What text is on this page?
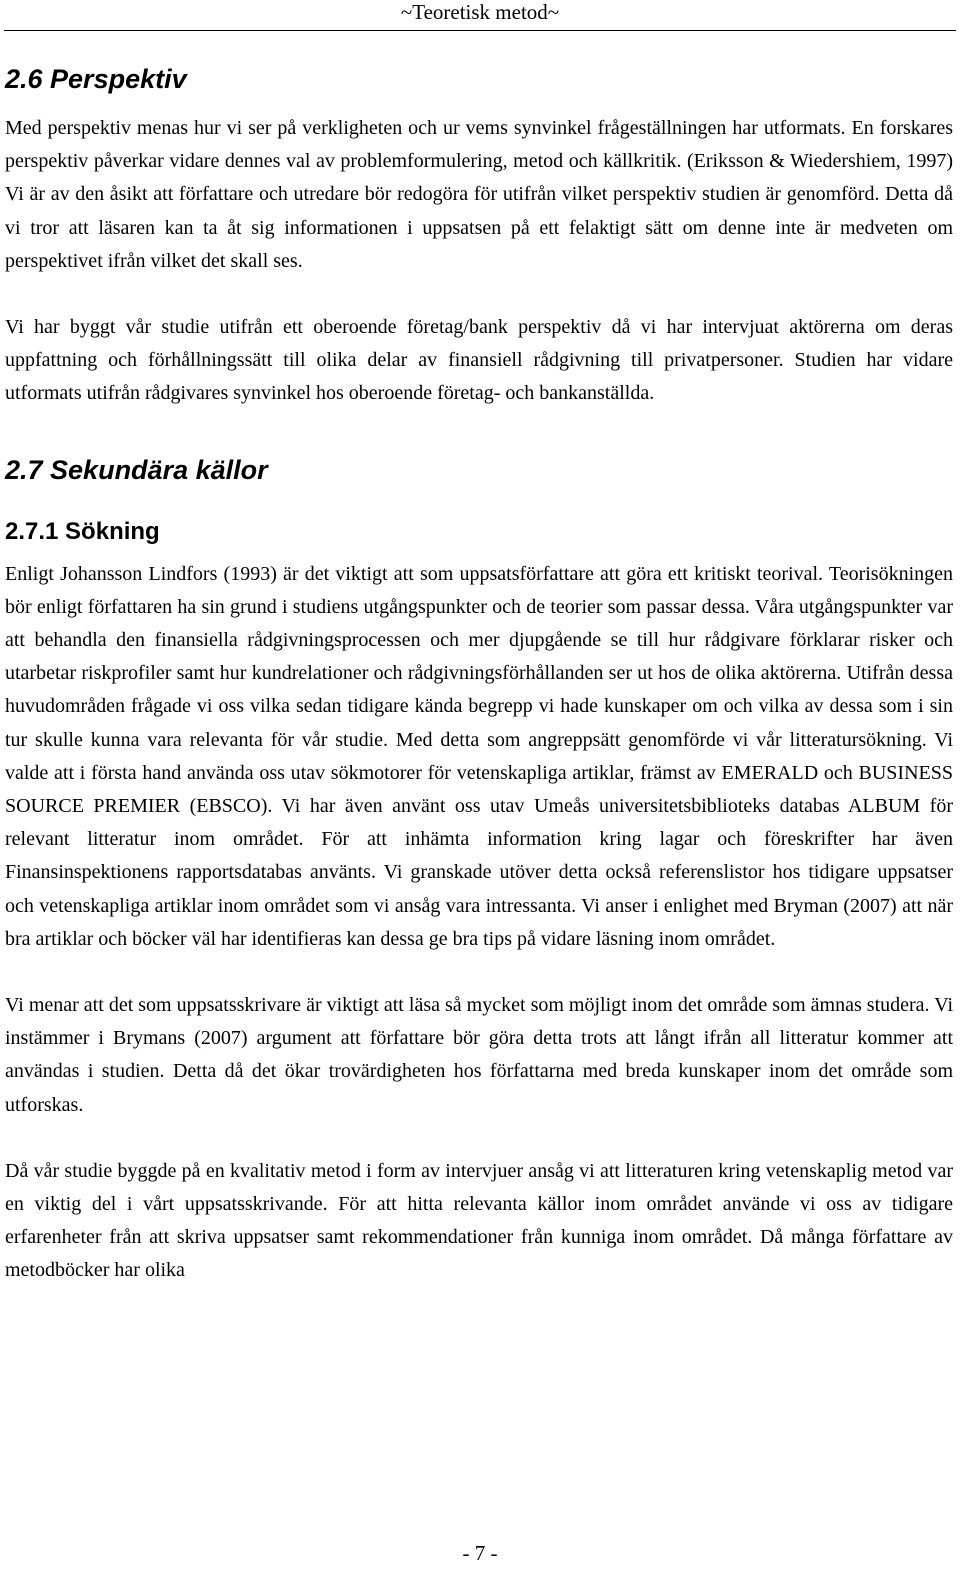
~Teoretisk metod~
2.6 Perspektiv

Med perspektiv menas hur vi ser på verkligheten och ur vems synvinkel frågeställningen har utformats. En forskares perspektiv påverkar vidare dennes val av problemformulering, metod och källkritik. (Eriksson & Wiedershiem, 1997) Vi är av den åsikt att författare och utredare bör redogöra för utifrån vilket perspektiv studien är genomförd. Detta då vi tror att läsaren kan ta åt sig informationen i uppsatsen på ett felaktigt sätt om denne inte är medveten om perspektivet ifrån vilket det skall ses.

Vi har byggt vår studie utifrån ett oberoende företag/bank perspektiv då vi har intervjuat aktörerna om deras uppfattning och förhållningssätt till olika delar av finansiell rådgivning till privatpersoner. Studien har vidare utformats utifrån rådgivares synvinkel hos oberoende företag- och bankanställda.

2.7 Sekundära källor
2.7.1 Sökning

Enligt Johansson Lindfors (1993) är det viktigt att som uppsatsförfattare att göra ett kritiskt teorival. Teorisökningen bör enligt författaren ha sin grund i studiens utgångspunkter och de teorier som passar dessa. Våra utgångspunkter var att behandla den finansiella rådgivningsprocessen och mer djupgående se till hur rådgivare förklarar risker och utarbetar riskprofiler samt hur kundrelationer och rådgivningsförhållanden ser ut hos de olika aktörerna. Utifrån dessa huvudområden frågade vi oss vilka sedan tidigare kända begrepp vi hade kunskaper om och vilka av dessa som i sin tur skulle kunna vara relevanta för vår studie. Med detta som angreppsätt genomförde vi vår litteratursökning. Vi valde att i första hand använda oss utav sökmotorer för vetenskapliga artiklar, främst av EMERALD och BUSINESS SOURCE PREMIER (EBSCO). Vi har även använt oss utav Umeås universitetsbiblioteks databas ALBUM för relevant litteratur inom området. För att inhämta information kring lagar och föreskrifter har även Finansinspektionens rapportsdatabas använts. Vi granskade utöver detta också referenslistor hos tidigare uppsatser och vetenskapliga artiklar inom området som vi ansåg vara intressanta. Vi anser i enlighet med Bryman (2007) att när bra artiklar och böcker väl har identifieras kan dessa ge bra tips på vidare läsning inom området.

Vi menar att det som uppsatsskrivare är viktigt att läsa så mycket som möjligt inom det område som ämnas studera. Vi instämmer i Brymans (2007) argument att författare bör göra detta trots att långt ifrån all litteratur kommer att användas i studien. Detta då det ökar trovärdigheten hos författarna med breda kunskaper inom det område som utforskas.

Då vår studie byggde på en kvalitativ metod i form av intervjuer ansåg vi att litteraturen kring vetenskaplig metod var en viktig del i vårt uppsatsskrivande. För att hitta relevanta källor inom området använde vi oss av tidigare erfarenheter från att skriva uppsatser samt rekommendationer från kunniga inom området. Då många författare av metodböcker har olika

- 7 -
